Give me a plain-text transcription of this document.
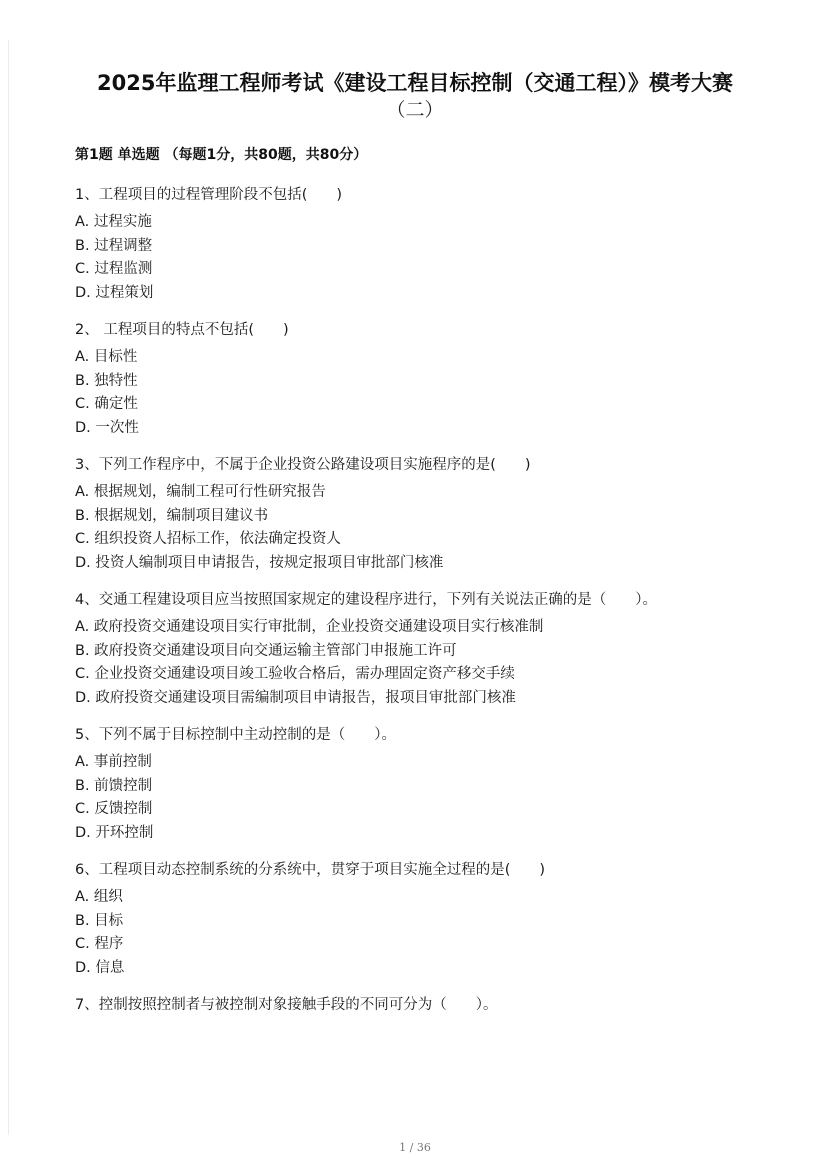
2025年监理工程师考试《建设工程目标控制（交通工程）》模考大赛
（二）
第1题 单选题 （每题1分，共80题，共80分）
1、工程项目的过程管理阶段不包括(　　)
A. 过程实施
B. 过程调整
C. 过程监测
D. 过程策划
2、 工程项目的特点不包括(　　)
A. 目标性
B. 独特性
C. 确定性
D. 一次性
3、下列工作程序中，不属于企业投资公路建设项目实施程序的是(　　)
A. 根据规划，编制工程可行性研究报告
B. 根据规划，编制项目建议书
C. 组织投资人招标工作，依法确定投资人
D. 投资人编制项目申请报告，按规定报项目审批部门核准
4、交通工程建设项目应当按照国家规定的建设程序进行，下列有关说法正确的是（　　）。
A. 政府投资交通建设项目实行审批制，企业投资交通建设项目实行核准制
B. 政府投资交通建设项目向交通运输主管部门申报施工许可
C. 企业投资交通建设项目竣工验收合格后，需办理固定资产移交手续
D. 政府投资交通建设项目需编制项目申请报告，报项目审批部门核准
5、下列不属于目标控制中主动控制的是（　　）。
A. 事前控制
B. 前馈控制
C. 反馈控制
D. 开环控制
6、工程项目动态控制系统的分系统中，贯穿于项目实施全过程的是(　　)
A. 组织
B. 目标
C. 程序
D. 信息
7、控制按照控制者与被控制对象接触手段的不同可分为（　　）。
1 / 36
